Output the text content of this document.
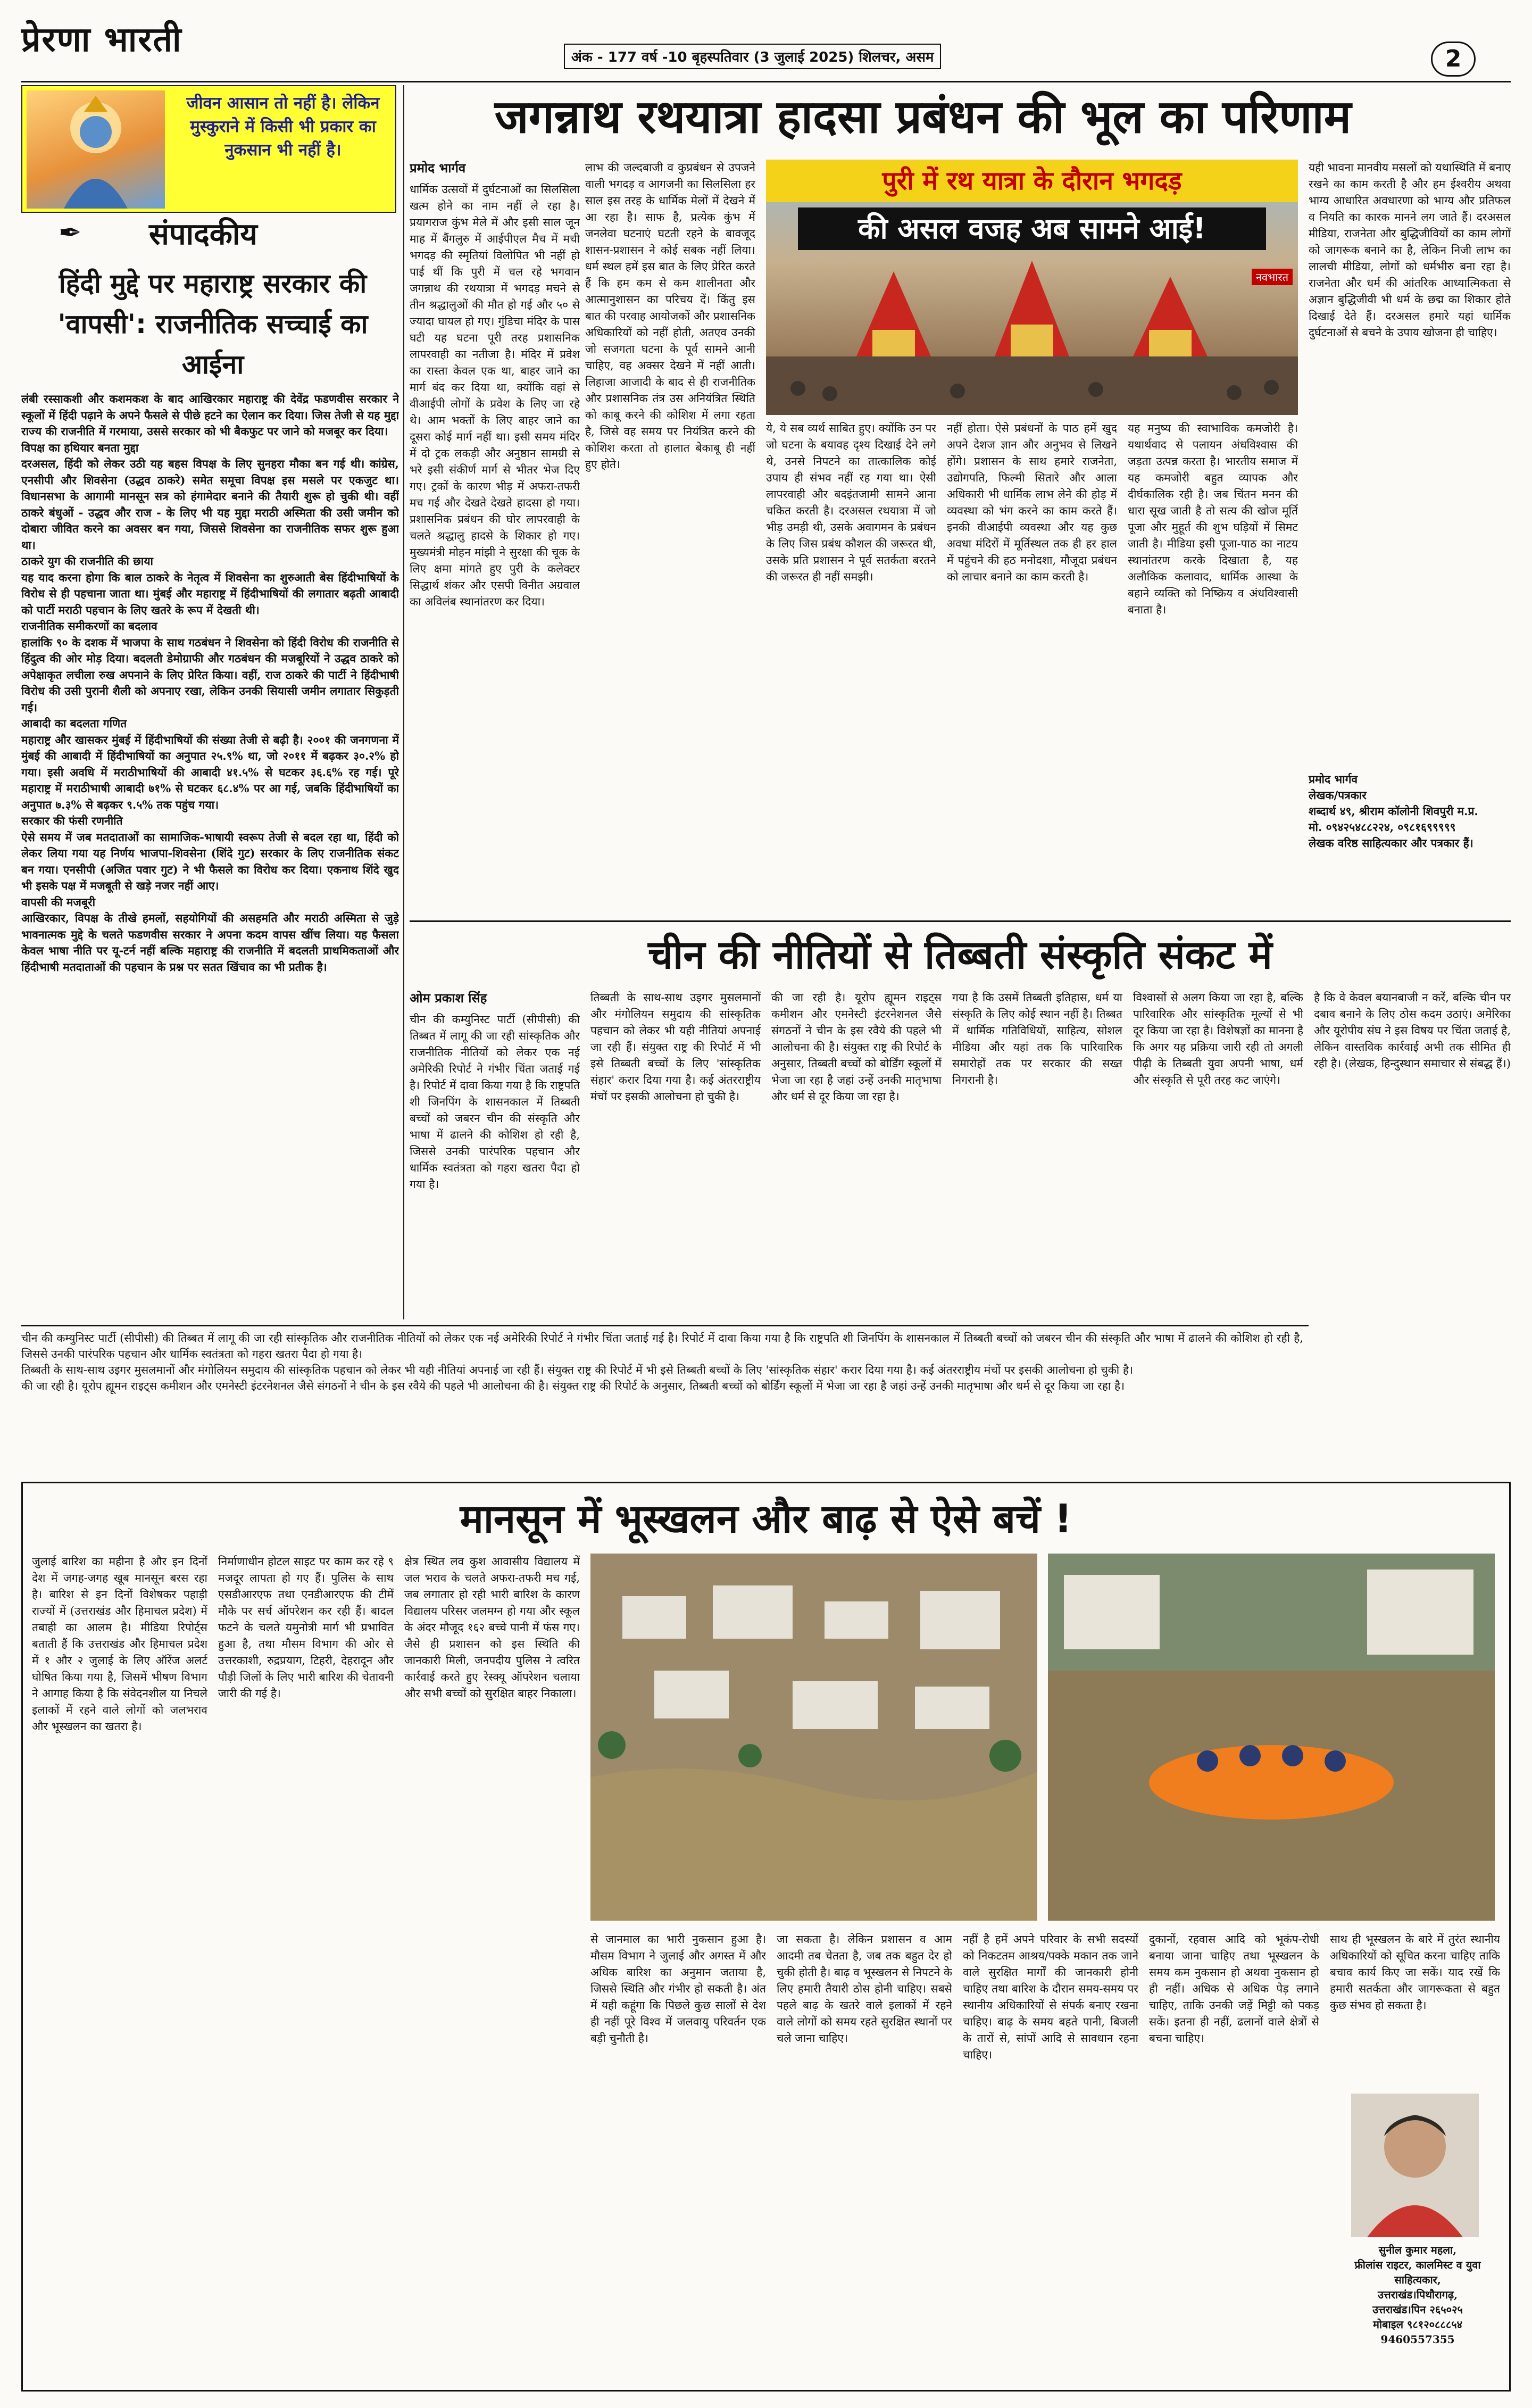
प्रेरणा भारती	अंक - 177 वर्ष -10 बृहस्पतिवार (3 जुलाई 2025) शिलचर, असम	2
जीवन आसान तो नहीं है। लेकिन मुस्कुराने में किसी भी प्रकार का नुकसान भी नहीं है।
✒ संपादकीय
हिंदी मुद्दे पर महाराष्ट्र सरकार की 'वापसी': राजनीतिक सच्चाई का आईना

लंबी रस्साकशी और कशमकश के बाद आखिरकार महाराष्ट्र की देवेंद्र फडणवीस सरकार ने स्कूलों में हिंदी पढ़ाने के अपने फैसले से पीछे हटने का ऐलान कर दिया। जिस तेजी से यह मुद्दा राज्य की राजनीति में गरमाया, उससे सरकार को भी बैकफुट पर जाने को मजबूर कर दिया।

विपक्ष का हथियार बनता मुद्दा

दरअसल, हिंदी को लेकर उठी यह बहस विपक्ष के लिए सुनहरा मौका बन गई थी। कांग्रेस, एनसीपी और शिवसेना (उद्धव ठाकरे) समेत समूचा विपक्ष इस मसले पर एकजुट था। विधानसभा के आगामी मानसून सत्र को हंगामेदार बनाने की तैयारी शुरू हो चुकी थी। वहीं ठाकरे बंधुओं - उद्धव और राज - के लिए भी यह मुद्दा मराठी अस्मिता की उसी जमीन को दोबारा जीवित करने का अवसर बन गया, जिससे शिवसेना का राजनीतिक सफर शुरू हुआ था।

ठाकरे युग की राजनीति की छाया

यह याद करना होगा कि बाल ठाकरे के नेतृत्व में शिवसेना का शुरुआती बेस हिंदीभाषियों के विरोध से ही पहचाना जाता था। मुंबई और महाराष्ट्र में हिंदीभाषियों की लगातार बढ़ती आबादी को पार्टी मराठी पहचान के लिए खतरे के रूप में देखती थी।

राजनीतिक समीकरणों का बदलाव

हालांकि ९० के दशक में भाजपा के साथ गठबंधन ने शिवसेना को हिंदी विरोध की राजनीति से हिंदुत्व की ओर मोड़ दिया। बदलती डेमोग्राफी और गठबंधन की मजबूरियों ने उद्धव ठाकरे को अपेक्षाकृत लचीला रुख अपनाने के लिए प्रेरित किया। वहीं, राज ठाकरे की पार्टी ने हिंदीभाषी विरोध की उसी पुरानी शैली को अपनाए रखा, लेकिन उनकी सियासी जमीन लगातार सिकुड़ती गई।

आबादी का बदलता गणित

महाराष्ट्र और खासकर मुंबई में हिंदीभाषियों की संख्या तेजी से बढ़ी है। २००१ की जनगणना में मुंबई की आबादी में हिंदीभाषियों का अनुपात २५.९% था, जो २०११ में बढ़कर ३०.२% हो गया। इसी अवधि में मराठीभाषियों की आबादी ४१.५% से घटकर ३६.६% रह गई। पूरे महाराष्ट्र में मराठीभाषी आबादी ७१% से घटकर ६८.४% पर आ गई, जबकि हिंदीभाषियों का अनुपात ७.३% से बढ़कर ९.५% तक पहुंच गया।

सरकार की फंसी रणनीति

ऐसे समय में जब मतदाताओं का सामाजिक-भाषायी स्वरूप तेजी से बदल रहा था, हिंदी को लेकर लिया गया यह निर्णय भाजपा-शिवसेना (शिंदे गुट) सरकार के लिए राजनीतिक संकट बन गया। एनसीपी (अजित पवार गुट) ने भी फैसले का विरोध कर दिया। एकनाथ शिंदे खुद भी इसके पक्ष में मजबूती से खड़े नजर नहीं आए।

वापसी की मजबूरी

आखिरकार, विपक्ष के तीखे हमलों, सहयोगियों की असहमति और मराठी अस्मिता से जुड़े भावनात्मक मुद्दे के चलते फडणवीस सरकार ने अपना कदम वापस खींच लिया। यह फैसला केवल भाषा नीति पर यू-टर्न नहीं बल्कि महाराष्ट्र की राजनीति में बदलती प्राथमिकताओं और हिंदीभाषी मतदाताओं की पहचान के प्रश्न पर सतत खिंचाव का भी प्रतीक है।

जगन्नाथ रथयात्रा हादसा प्रबंधन की भूल का परिणाम
प्रमोद भार्गव

धार्मिक उत्सवों में दुर्घटनाओं का सिलसिला खत्म होने का नाम नहीं ले रहा है। प्रयागराज कुंभ मेले में और इसी साल जून माह में बैंगलुरु में आईपीएल मैच में मची भगदड़ की स्मृतियां विलोपित भी नहीं हो पाई थीं कि पुरी में चल रहे भगवान जगन्नाथ की रथयात्रा में भगदड़ मचने से तीन श्रद्धालुओं की मौत हो गई और ५० से ज्यादा घायल हो गए। गुंडिचा मंदिर के पास घटी यह घटना पूरी तरह प्रशासनिक लापरवाही का नतीजा है। मंदिर में प्रवेश का रास्ता केवल एक था, बाहर जाने का मार्ग बंद कर दिया था, क्योंकि वहां से वीआईपी लोगों के प्रवेश के लिए जा रहे थे। आम भक्तों के लिए बाहर जाने का दूसरा कोई मार्ग नहीं था। इसी समय मंदिर में दो ट्रक लकड़ी और अनुष्ठान सामग्री से भरे इसी संकीर्ण मार्ग से भीतर भेज दिए गए। ट्रकों के कारण भीड़ में अफरा-तफरी मच गई और देखते देखते हादसा हो गया। प्रशासनिक प्रबंधन की घोर लापरवाही के चलते श्रद्धालु हादसे के शिकार हो गए। मुख्यमंत्री मोहन मांझी ने सुरक्षा की चूक के लिए क्षमा मांगते हुए पुरी के कलेक्टर सिद्धार्थ शंकर और एसपी विनीत अग्रवाल का अविलंब स्थानांतरण कर दिया।

लाभ की जल्दबाजी व कुप्रबंधन से उपजने वाली भगदड़ व आगजनी का सिलसिला हर साल इस तरह के धार्मिक मेलों में देखने में आ रहा है। साफ है, प्रत्येक कुंभ में जनलेवा घटनाएं घटती रहने के बावजूद शासन-प्रशासन ने कोई सबक नहीं लिया। धर्म स्थल हमें इस बात के लिए प्रेरित करते हैं कि हम कम से कम शालीनता और आत्मानुशासन का परिचय दें। किंतु इस बात की परवाह आयोजकों और प्रशासनिक अधिकारियों को नहीं होती, अतएव उनकी जो सजगता घटना के पूर्व सामने आनी चाहिए, वह अक्सर देखने में नहीं आती। लिहाजा आजादी के बाद से ही राजनीतिक और प्रशासनिक तंत्र उस अनियंत्रित स्थिति को काबू करने की कोशिश में लगा रहता है, जिसे वह समय पर नियंत्रित करने की कोशिश करता तो हालात बेकाबू ही नहीं हुए होते।

पुरी में रथ यात्रा के दौरान भगदड़
की असल वजह अब सामने आई!
नवभारत

ये, ये सब व्यर्थ साबित हुए। क्योंकि उन पर जो घटना के बयावह दृश्य दिखाई देने लगे थे, उनसे निपटने का तात्कालिक कोई उपाय ही संभव नहीं रह गया था। ऐसी लापरवाही और बदइंतजामी सामने आना चकित करती है। दरअसल रथयात्रा में जो भीड़ उमड़ी थी, उसके अवागमन के प्रबंधन के लिए जिस प्रबंध कौशल की जरूरत थी, उसके प्रति प्रशासन ने पूर्व सतर्कता बरतने की जरूरत ही नहीं समझी।

नहीं होता। ऐसे प्रबंधनों के पाठ हमें खुद अपने देशज ज्ञान और अनुभव से लिखने होंगे। प्रशासन के साथ हमारे राजनेता, उद्योगपति, फिल्मी सितारे और आला अधिकारी भी धार्मिक लाभ लेने की होड़ में व्यवस्था को भंग करने का काम करते हैं। इनकी वीआईपी व्यवस्था और यह कुछ अवधा मंदिरों में मूर्तिस्थल तक ही हर हाल में पहुंचने की हठ मनोदशा, मौजूदा प्रबंधन को लाचार बनाने का काम करती है।

यह मनुष्य की स्वाभाविक कमजोरी है। यथार्थवाद से पलायन अंधविश्वास की जड़ता उत्पन्न करता है। भारतीय समाज में यह कमजोरी बहुत व्यापक और दीर्घकालिक रही है। जब चिंतन मनन की धारा सूख जाती है तो सत्य की खोज मूर्ति पूजा और मुहूर्त की शुभ घड़ियों में सिमट जाती है। मीडिया इसी पूजा-पाठ का नाटय स्थानांतरण करके दिखाता है, यह अलौकिक कलावाद, धार्मिक आस्था के बहाने व्यक्ति को निष्क्रिय व अंधविश्वासी बनाता है।

यही भावना मानवीय मसलों को यथास्थिति में बनाए रखने का काम करती है और हम ईश्वरीय अथवा भाग्य आधारित अवधारणा को भाग्य और प्रतिफल व नियति का कारक मानने लग जाते हैं। दरअसल मीडिया, राजनेता और बुद्धिजीवियों का काम लोगों को जागरूक बनाने का है, लेकिन निजी लाभ का लालची मीडिया, लोगों को धर्मभीरु बना रहा है। राजनेता और धर्म की आंतरिक आध्यात्मिकता से अज्ञान बुद्धिजीवी भी धर्म के छद्म का शिकार होते दिखाई देते हैं। दरअसल हमारे यहां धार्मिक दुर्घटनाओं से बचने के उपाय खोजना ही चाहिए।

प्रमोद भार्गव
लेखक/पत्रकार
शब्दार्थ ४९, श्रीराम कॉलोनी शिवपुरी म.प्र.
मो. ०९४२५४८८२२४, ०९८१६९९९९९
लेखक वरिष्ठ साहित्यकार और पत्रकार हैं।
चीन की नीतियों से तिब्बती संस्कृति संकट में
ओम प्रकाश सिंह

चीन की कम्युनिस्ट पार्टी (सीपीसी) की तिब्बत में लागू की जा रही सांस्कृतिक और राजनीतिक नीतियों को लेकर एक नई अमेरिकी रिपोर्ट ने गंभीर चिंता जताई गई है। रिपोर्ट में दावा किया गया है कि राष्ट्रपति शी जिनपिंग के शासनकाल में तिब्बती बच्चों को जबरन चीन की संस्कृति और भाषा में ढालने की कोशिश हो रही है, जिससे उनकी पारंपरिक पहचान और धार्मिक स्वतंत्रता को गहरा खतरा पैदा हो गया है।

तिब्बती के साथ-साथ उइगर मुसलमानों और मंगोलियन समुदाय की सांस्कृतिक पहचान को लेकर भी यही नीतियां अपनाई जा रही हैं। संयुक्त राष्ट्र की रिपोर्ट में भी इसे तिब्बती बच्चों के लिए 'सांस्कृतिक संहार' करार दिया गया है। कई अंतरराष्ट्रीय मंचों पर इसकी आलोचना हो चुकी है।

की जा रही है। यूरोप ह्यूमन राइट्स कमीशन और एमनेस्टी इंटरनेशनल जैसे संगठनों ने चीन के इस रवैये की पहले भी आलोचना की है। संयुक्त राष्ट्र की रिपोर्ट के अनुसार, तिब्बती बच्चों को बोर्डिंग स्कूलों में भेजा जा रहा है जहां उन्हें उनकी मातृभाषा और धर्म से दूर किया जा रहा है।

गया है कि उसमें तिब्बती इतिहास, धर्म या संस्कृति के लिए कोई स्थान नहीं है। तिब्बत में धार्मिक गतिविधियों, साहित्य, सोशल मीडिया और यहां तक कि पारिवारिक समारोहों तक पर सरकार की सख्त निगरानी है।

विश्वासों से अलग किया जा रहा है, बल्कि पारिवारिक और सांस्कृतिक मूल्यों से भी दूर किया जा रहा है। विशेषज्ञों का मानना है कि अगर यह प्रक्रिया जारी रही तो अगली पीढ़ी के तिब्बती युवा अपनी भाषा, धर्म और संस्कृति से पूरी तरह कट जाएंगे।

है कि वे केवल बयानबाजी न करें, बल्कि चीन पर दबाव बनाने के लिए ठोस कदम उठाएं। अमेरिका और यूरोपीय संघ ने इस विषय पर चिंता जताई है, लेकिन वास्तविक कार्रवाई अभी तक सीमित ही रही है। (लेखक, हिन्दुस्थान समाचार से संबद्ध हैं।)

चीन की कम्युनिस्ट पार्टी (सीपीसी) की तिब्बत में लागू की जा रही सांस्कृतिक और राजनीतिक नीतियों को लेकर एक नई अमेरिकी रिपोर्ट ने गंभीर चिंता जताई गई है। रिपोर्ट में दावा किया गया है कि राष्ट्रपति शी जिनपिंग के शासनकाल में तिब्बती बच्चों को जबरन चीन की संस्कृति और भाषा में ढालने की कोशिश हो रही है, जिससे उनकी पारंपरिक पहचान और धार्मिक स्वतंत्रता को गहरा खतरा पैदा हो गया है।

तिब्बती के साथ-साथ उइगर मुसलमानों और मंगोलियन समुदाय की सांस्कृतिक पहचान को लेकर भी यही नीतियां अपनाई जा रही हैं। संयुक्त राष्ट्र की रिपोर्ट में भी इसे तिब्बती बच्चों के लिए 'सांस्कृतिक संहार' करार दिया गया है। कई अंतरराष्ट्रीय मंचों पर इसकी आलोचना हो चुकी है।

की जा रही है। यूरोप ह्यूमन राइट्स कमीशन और एमनेस्टी इंटरनेशनल जैसे संगठनों ने चीन के इस रवैये की पहले भी आलोचना की है। संयुक्त राष्ट्र की रिपोर्ट के अनुसार, तिब्बती बच्चों को बोर्डिंग स्कूलों में भेजा जा रहा है जहां उन्हें उनकी मातृभाषा और धर्म से दूर किया जा रहा है।

मानसून में भूस्खलन और बाढ़ से ऐसे बचें !

जुलाई बारिश का महीना है और इन दिनों देश में जगह-जगह खूब मानसून बरस रहा है। बारिश से इन दिनों विशेषकर पहाड़ी राज्यों में (उत्तराखंड और हिमाचल प्रदेश) में तबाही का आलम है। मीडिया रिपोर्ट्स बताती हैं कि उत्तराखंड और हिमाचल प्रदेश में १ और २ जुलाई के लिए ऑरेंज अलर्ट घोषित किया गया है, जिसमें भीषण विभाग ने आगाह किया है कि संवेदनशील या निचले इलाकों में रहने वाले लोगों को जलभराव और भूस्खलन का खतरा है।

निर्माणाधीन होटल साइट पर काम कर रहे ९ मजदूर लापता हो गए हैं। पुलिस के साथ एसडीआरएफ तथा एनडीआरएफ की टीमें मौके पर सर्च ऑपरेशन कर रही हैं। बादल फटने के चलते यमुनोत्री मार्ग भी प्रभावित हुआ है, तथा मौसम विभाग की ओर से उत्तरकाशी, रुद्रप्रयाग, टिहरी, देहरादून और पौड़ी जिलों के लिए भारी बारिश की चेतावनी जारी की गई है।

क्षेत्र स्थित लव कुश आवासीय विद्यालय में जल भराव के चलते अफरा-तफरी मच गई, जब लगातार हो रही भारी बारिश के कारण विद्यालय परिसर जलमग्न हो गया और स्कूल के अंदर मौजूद १६२ बच्चे पानी में फंस गए। जैसे ही प्रशासन को इस स्थिति की जानकारी मिली, जनपदीय पुलिस ने त्वरित कार्रवाई करते हुए रेस्क्यू ऑपरेशन चलाया और सभी बच्चों को सुरक्षित बाहर निकाला।

से जानमाल का भारी नुकसान हुआ है। मौसम विभाग ने जुलाई और अगस्त में और अधिक बारिश का अनुमान जताया है, जिससे स्थिति और गंभीर हो सकती है। अंत में यही कहूंगा कि पिछले कुछ सालों से देश ही नहीं पूरे विश्व में जलवायु परिवर्तन एक बड़ी चुनौती है।

जा सकता है। लेकिन प्रशासन व आम आदमी तब चेतता है, जब तक बहुत देर हो चुकी होती है। बाढ़ व भूस्खलन से निपटने के लिए हमारी तैयारी ठोस होनी चाहिए। सबसे पहले बाढ़ के खतरे वाले इलाकों में रहने वाले लोगों को समय रहते सुरक्षित स्थानों पर चले जाना चाहिए।

नहीं है हमें अपने परिवार के सभी सदस्यों को निकटतम आश्रय/पक्के मकान तक जाने वाले सुरक्षित मार्गों की जानकारी होनी चाहिए तथा बारिश के दौरान समय-समय पर स्थानीय अधिकारियों से संपर्क बनाए रखना चाहिए। बाढ़ के समय बहते पानी, बिजली के तारों से, सांपों आदि से सावधान रहना चाहिए।

दुकानों, रहवास आदि को भूकंप-रोधी बनाया जाना चाहिए तथा भूस्खलन के समय कम नुकसान हो अथवा नुकसान हो ही नहीं। अधिक से अधिक पेड़ लगाने चाहिए, ताकि उनकी जड़ें मिट्टी को पकड़ सकें। इतना ही नहीं, ढलानों वाले क्षेत्रों से बचना चाहिए।

साथ ही भूस्खलन के बारे में तुरंत स्थानीय अधिकारियों को सूचित करना चाहिए ताकि बचाव कार्य किए जा सकें। याद रखें कि हमारी सतर्कता और जागरूकता से बहुत कुछ संभव हो सकता है।

सुनील कुमार महला,
फ्रीलांस राइटर, कालमिस्ट व युवा साहित्यकार,
उत्तराखंड।पिथौरागढ़,
उत्तराखंड।पिन २६५०२५
मोबाइल ९८१२०८८८५४
9460557355
